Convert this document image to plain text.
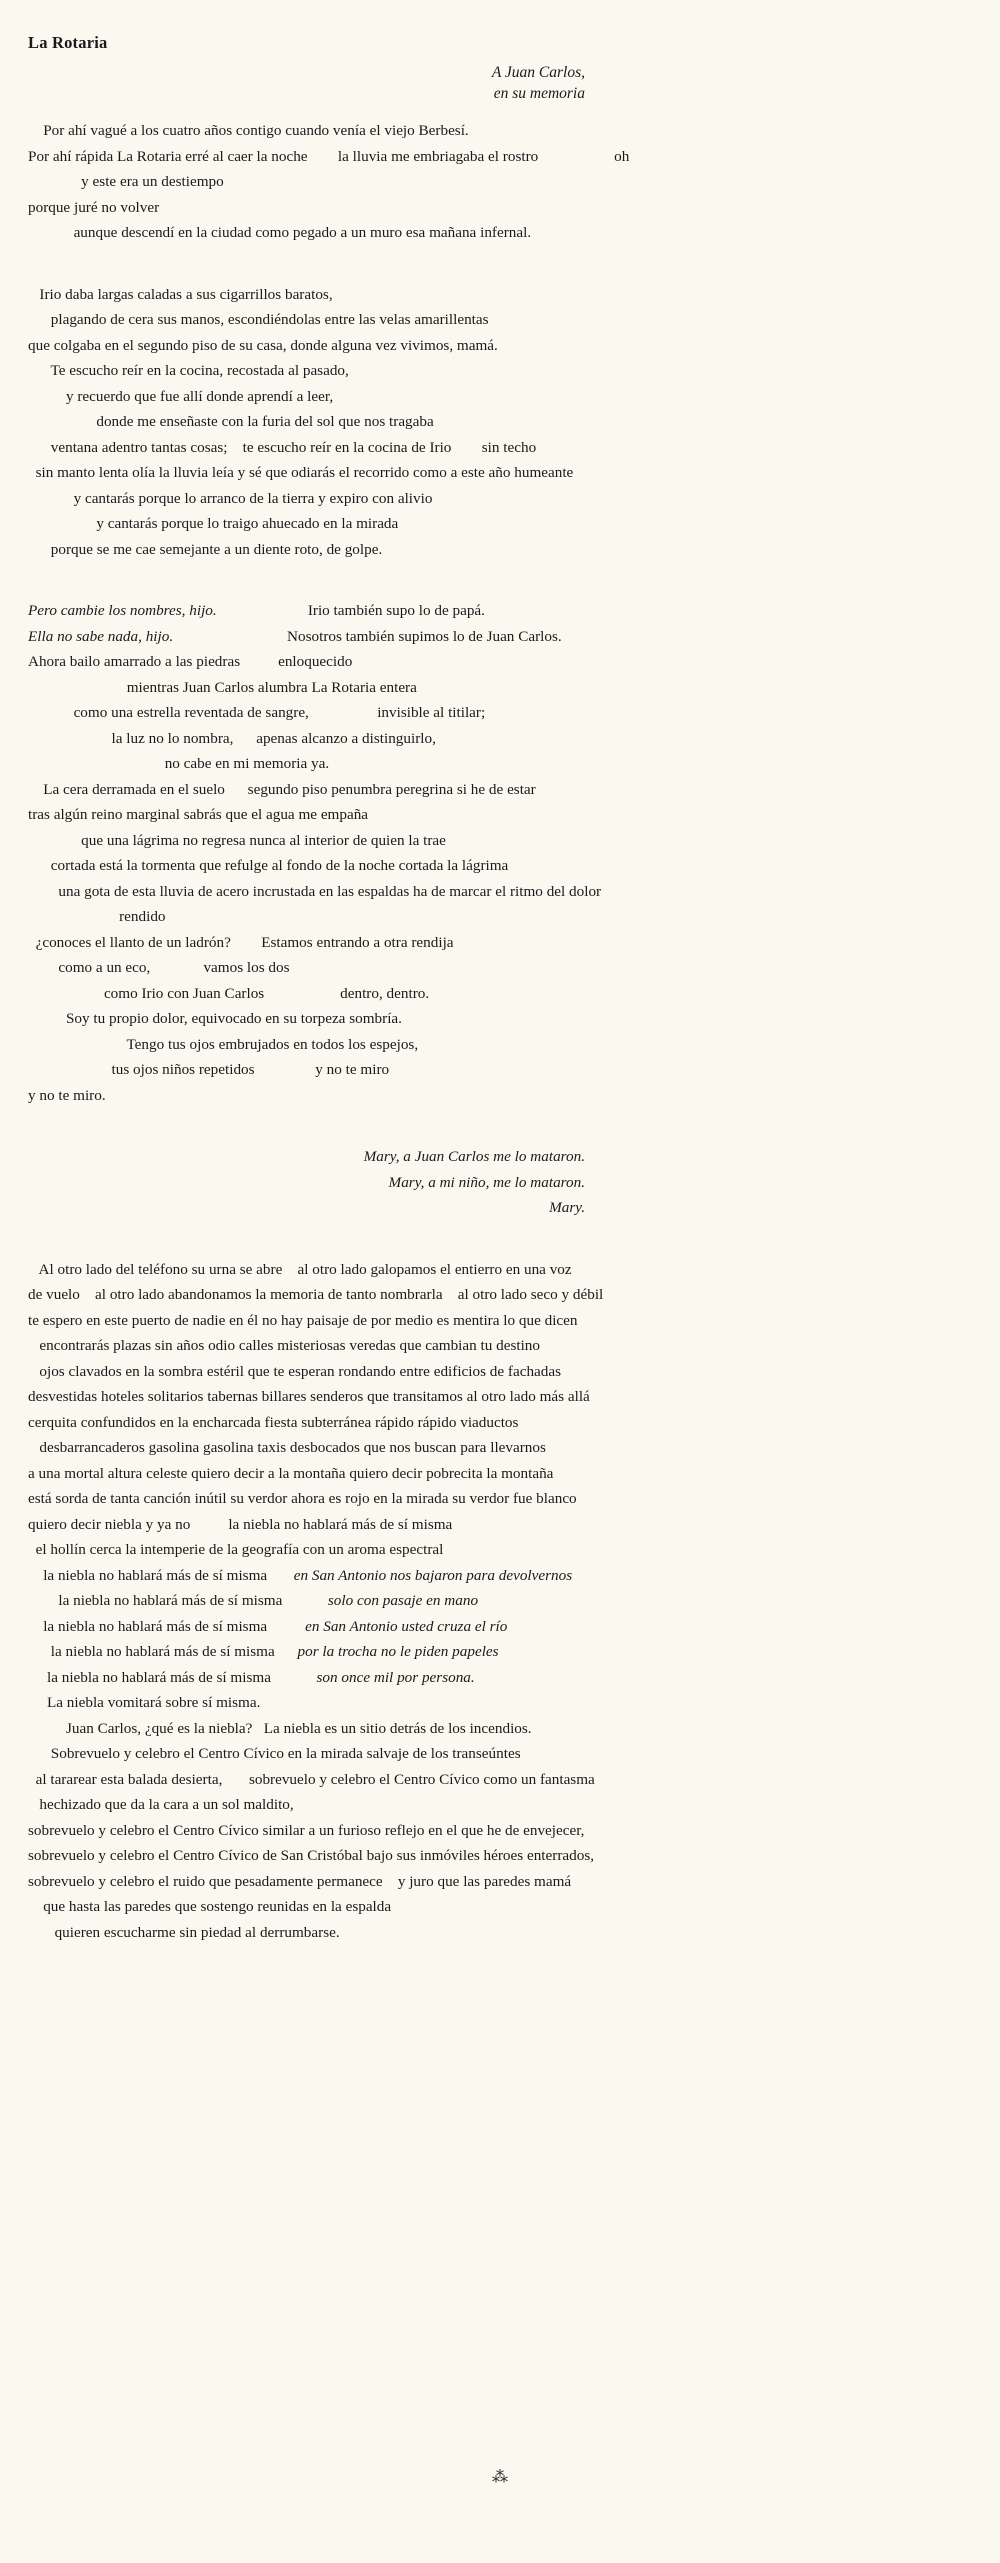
La Rotaria
A Juan Carlos,
en su memoria
Por ahí vagué a los cuatro años contigo cuando venía el viejo Berbesí.
Por ahí rápida La Rotaria erré al caer la noche        la lluvia me embriagaba el rostro                    oh
y este era un destiempo
porque juré no volver
aunque descendí en la ciudad como pegado a un muro esa mañana infernal.
Irio daba largas caladas a sus cigarrillos baratos,
plagando de cera sus manos, escondiéndolas entre las velas amarillentas
que colgaba en el segundo piso de su casa, donde alguna vez vivimos, mamá.
Te escucho reír en la cocina, recostada al pasado,
y recuerdo que fue allí donde aprendí a leer,
donde me enseñaste con la furia del sol que nos tragaba
ventana adentro tantas cosas;    te escucho reír en la cocina de Irio        sin techo
sin manto lenta olía la lluvia leía y sé que odiarás el recorrido como a este año humeante
y cantarás porque lo arranco de la tierra y expiro con alivio
y cantarás porque lo traigo ahuecado en la mirada
porque se me cae semejante a un diente roto, de golpe.
Pero cambie los nombres, hijo.                        Irio también supo lo de papá.
Ella no sabe nada, hijo.                              Nosotros también supimos lo de Juan Carlos.
Ahora bailo amarrado a las piedras          enloquecido
mientras Juan Carlos alumbra La Rotaria entera
como una estrella reventada de sangre,                  invisible al titilar;
la luz no lo nombra,      apenas alcanzo a distinguirlo,
no cabe en mi memoria ya.
La cera derramada en el suelo      segundo piso penumbra peregrina si he de estar
tras algún reino marginal sabrás que el agua me empaña
que una lágrima no regresa nunca al interior de quien la trae
cortada está la tormenta que refulge al fondo de la noche cortada la lágrima
una gota de esta lluvia de acero incrustada en las espaldas ha de marcar el ritmo del dolor
rendido
¿conoces el llanto de un ladrón?        Estamos entrando a otra rendija
como a un eco,              vamos los dos
como Irio con Juan Carlos                    dentro, dentro.
Soy tu propio dolor, equivocado en su torpeza sombría.
Tengo tus ojos embrujados en todos los espejos,
tus ojos niños repetidos                y no te miro
y no te miro.
Mary, a Juan Carlos me lo mataron.
Mary, a mi niño, me lo mataron.
Mary.
Al otro lado del teléfono su urna se abre    al otro lado galopamos el entierro en una voz
de vuelo    al otro lado abandonamos la memoria de tanto nombrarla    al otro lado seco y débil
te espero en este puerto de nadie en él no hay paisaje de por medio es mentira lo que dicen
encontrarás plazas sin años odio calles misteriosas veredas que cambian tu destino
ojos clavados en la sombra estéril que te esperan rondando entre edificios de fachadas
desvestidas hoteles solitarios tabernas billares senderos que transitamos al otro lado más allá
cerquita confundidos en la encharcada fiesta subterránea rápido rápido viaductos
desbarrancaderos gasolina gasolina taxis desbocados que nos buscan para llevarnos
a una mortal altura celeste quiero decir a la montaña quiero decir pobrecita la montaña
está sorda de tanta canción inútil su verdor ahora es rojo en la mirada su verdor fue blanco
quiero decir niebla y ya no          la niebla no hablará más de sí misma
el hollín cerca la intemperie de la geografía con un aroma espectral
la niebla no hablará más de sí misma       en San Antonio nos bajaron para devolvernos
la niebla no hablará más de sí misma            solo con pasaje en mano
la niebla no hablará más de sí misma          en San Antonio usted cruza el río
la niebla no hablará más de sí misma      por la trocha no le piden papeles
la niebla no hablará más de sí misma            son once mil por persona.
La niebla vomitará sobre sí misma.
Juan Carlos, ¿qué es la niebla?   La niebla es un sitio detrás de los incendios.
Sobrevuelo y celebro el Centro Cívico en la mirada salvaje de los transeúntes
al tararear esta balada desierta,       sobrevuelo y celebro el Centro Cívico como un fantasma
hechizado que da la cara a un sol maldito,
sobrevuelo y celebro el Centro Cívico similar a un furioso reflejo en el que he de envejecer,
sobrevuelo y celebro el Centro Cívico de San Cristóbal bajo sus inmóviles héroes enterrados,
sobrevuelo y celebro el ruido que pesadamente permanece    y juro que las paredes mamá
que hasta las paredes que sostengo reunidas en la espalda
quieren escucharme sin piedad al derrumbarse.
⁂
